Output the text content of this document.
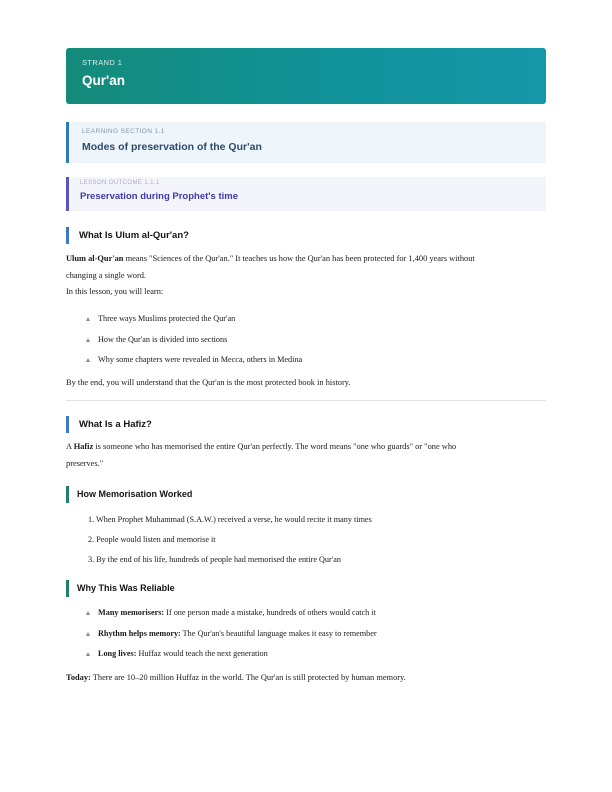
STRAND 1
Qur'an
LEARNING SECTION 1.1
Modes of preservation of the Qur'an
LESSON OUTCOME 1.1.1
Preservation during Prophet's time
What Is Ulum al-Qur'an?
Ulum al-Qur'an means "Sciences of the Qur'an." It teaches us how the Qur'an has been protected for 1,400 years without
changing a single word.
In this lesson, you will learn:
Three ways Muslims protected the Qur'an
How the Qur'an is divided into sections
Why some chapters were revealed in Mecca, others in Medina
By the end, you will understand that the Qur'an is the most protected book in history.
What Is a Hafiz?
A Hafiz is someone who has memorised the entire Qur'an perfectly. The word means "one who guards" or "one who
preserves."
How Memorisation Worked
1. When Prophet Muhammad (S.A.W.) received a verse, he would recite it many times
2. People would listen and memorise it
3. By the end of his life, hundreds of people had memorised the entire Qur'an
Why This Was Reliable
Many memorisers: If one person made a mistake, hundreds of others would catch it
Rhythm helps memory: The Qur'an's beautiful language makes it easy to remember
Long lives: Huffaz would teach the next generation
Today: There are 10–20 million Huffaz in the world. The Qur'an is still protected by human memory.
